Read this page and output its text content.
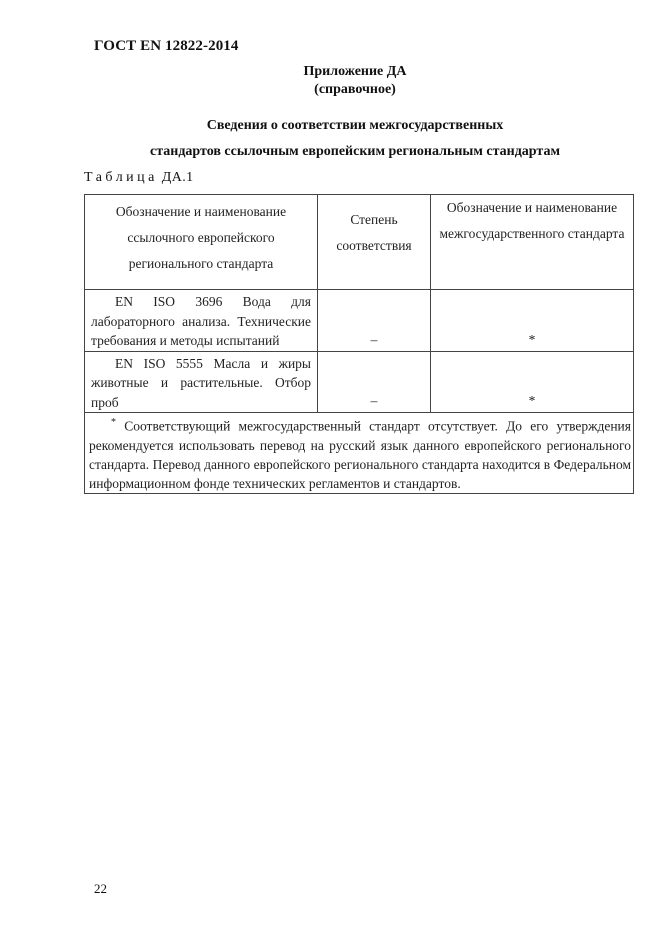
ГОСТ EN 12822-2014
Приложение ДА
(справочное)
Сведения о соответствии межгосударственных
стандартов ссылочным европейским региональным стандартам
Таблица ДА.1
Обозначение и наименование ссылочного европейского регионального стандарта	Степень соответствия	Обозначение и наименование межгосударственного стандарта
EN ISO 3696 Вода для лабораторного анализа. Технические требования и методы испытаний	–	*
EN ISO 5555 Масла и жиры животные и растительные. Отбор проб	–	*
* Соответствующий межгосударственный стандарт отсутствует. До его утверждения рекомендуется использовать перевод на русский язык данного европейского регионального стандарта. Перевод данного европейского регионального стандарта находится в Федеральном информационном фонде технических регламентов и стандартов.		
22
